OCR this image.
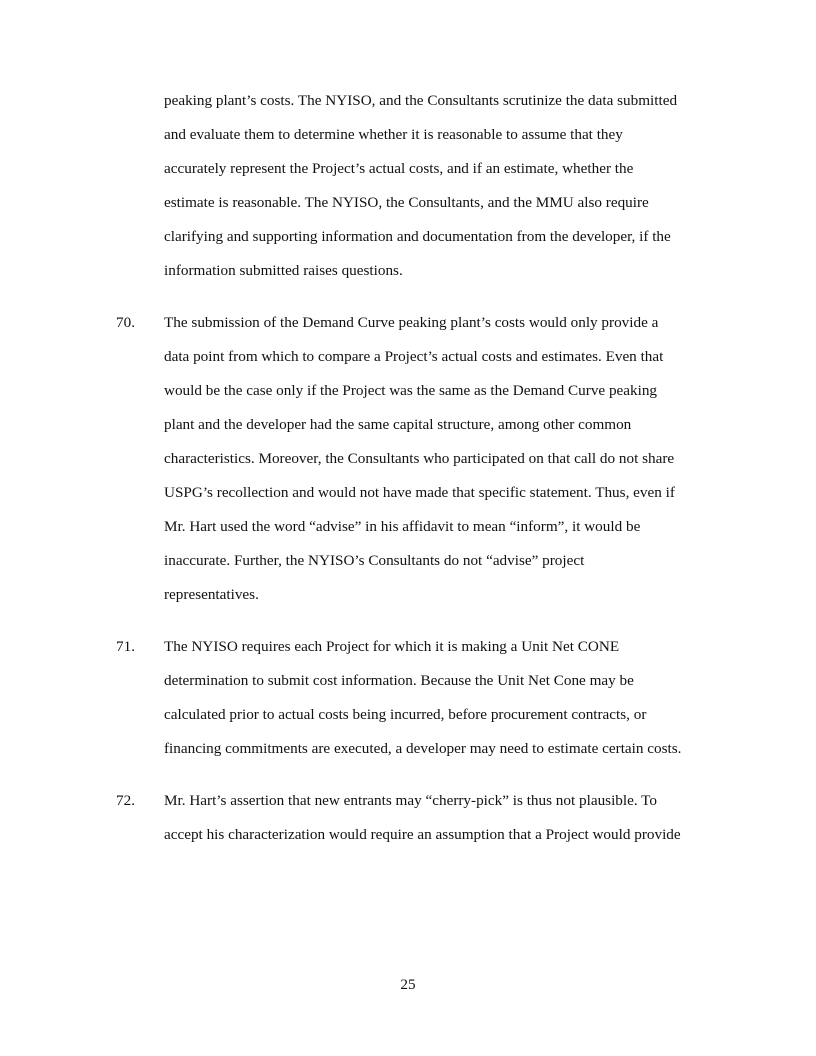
peaking plant’s costs. The NYISO, and the Consultants scrutinize the data submitted
and evaluate them to determine whether it is reasonable to assume that they
accurately represent the Project’s actual costs, and if an estimate, whether the
estimate is reasonable. The NYISO, the Consultants, and the MMU also require
clarifying and supporting information and documentation from the developer, if the
information submitted raises questions.
70. The submission of the Demand Curve peaking plant’s costs would only provide a
data point from which to compare a Project’s actual costs and estimates. Even that
would be the case only if the Project was the same as the Demand Curve peaking
plant and the developer had the same capital structure, among other common
characteristics. Moreover, the Consultants who participated on that call do not share
USPG’s recollection and would not have made that specific statement. Thus, even if
Mr. Hart used the word “advise” in his affidavit to mean “inform”, it would be
inaccurate. Further, the NYISO’s Consultants do not “advise” project
representatives.
71. The NYISO requires each Project for which it is making a Unit Net CONE
determination to submit cost information. Because the Unit Net Cone may be
calculated prior to actual costs being incurred, before procurement contracts, or
financing commitments are executed, a developer may need to estimate certain costs.
72. Mr. Hart’s assertion that new entrants may “cherry-pick” is thus not plausible. To
accept his characterization would require an assumption that a Project would provide
25
